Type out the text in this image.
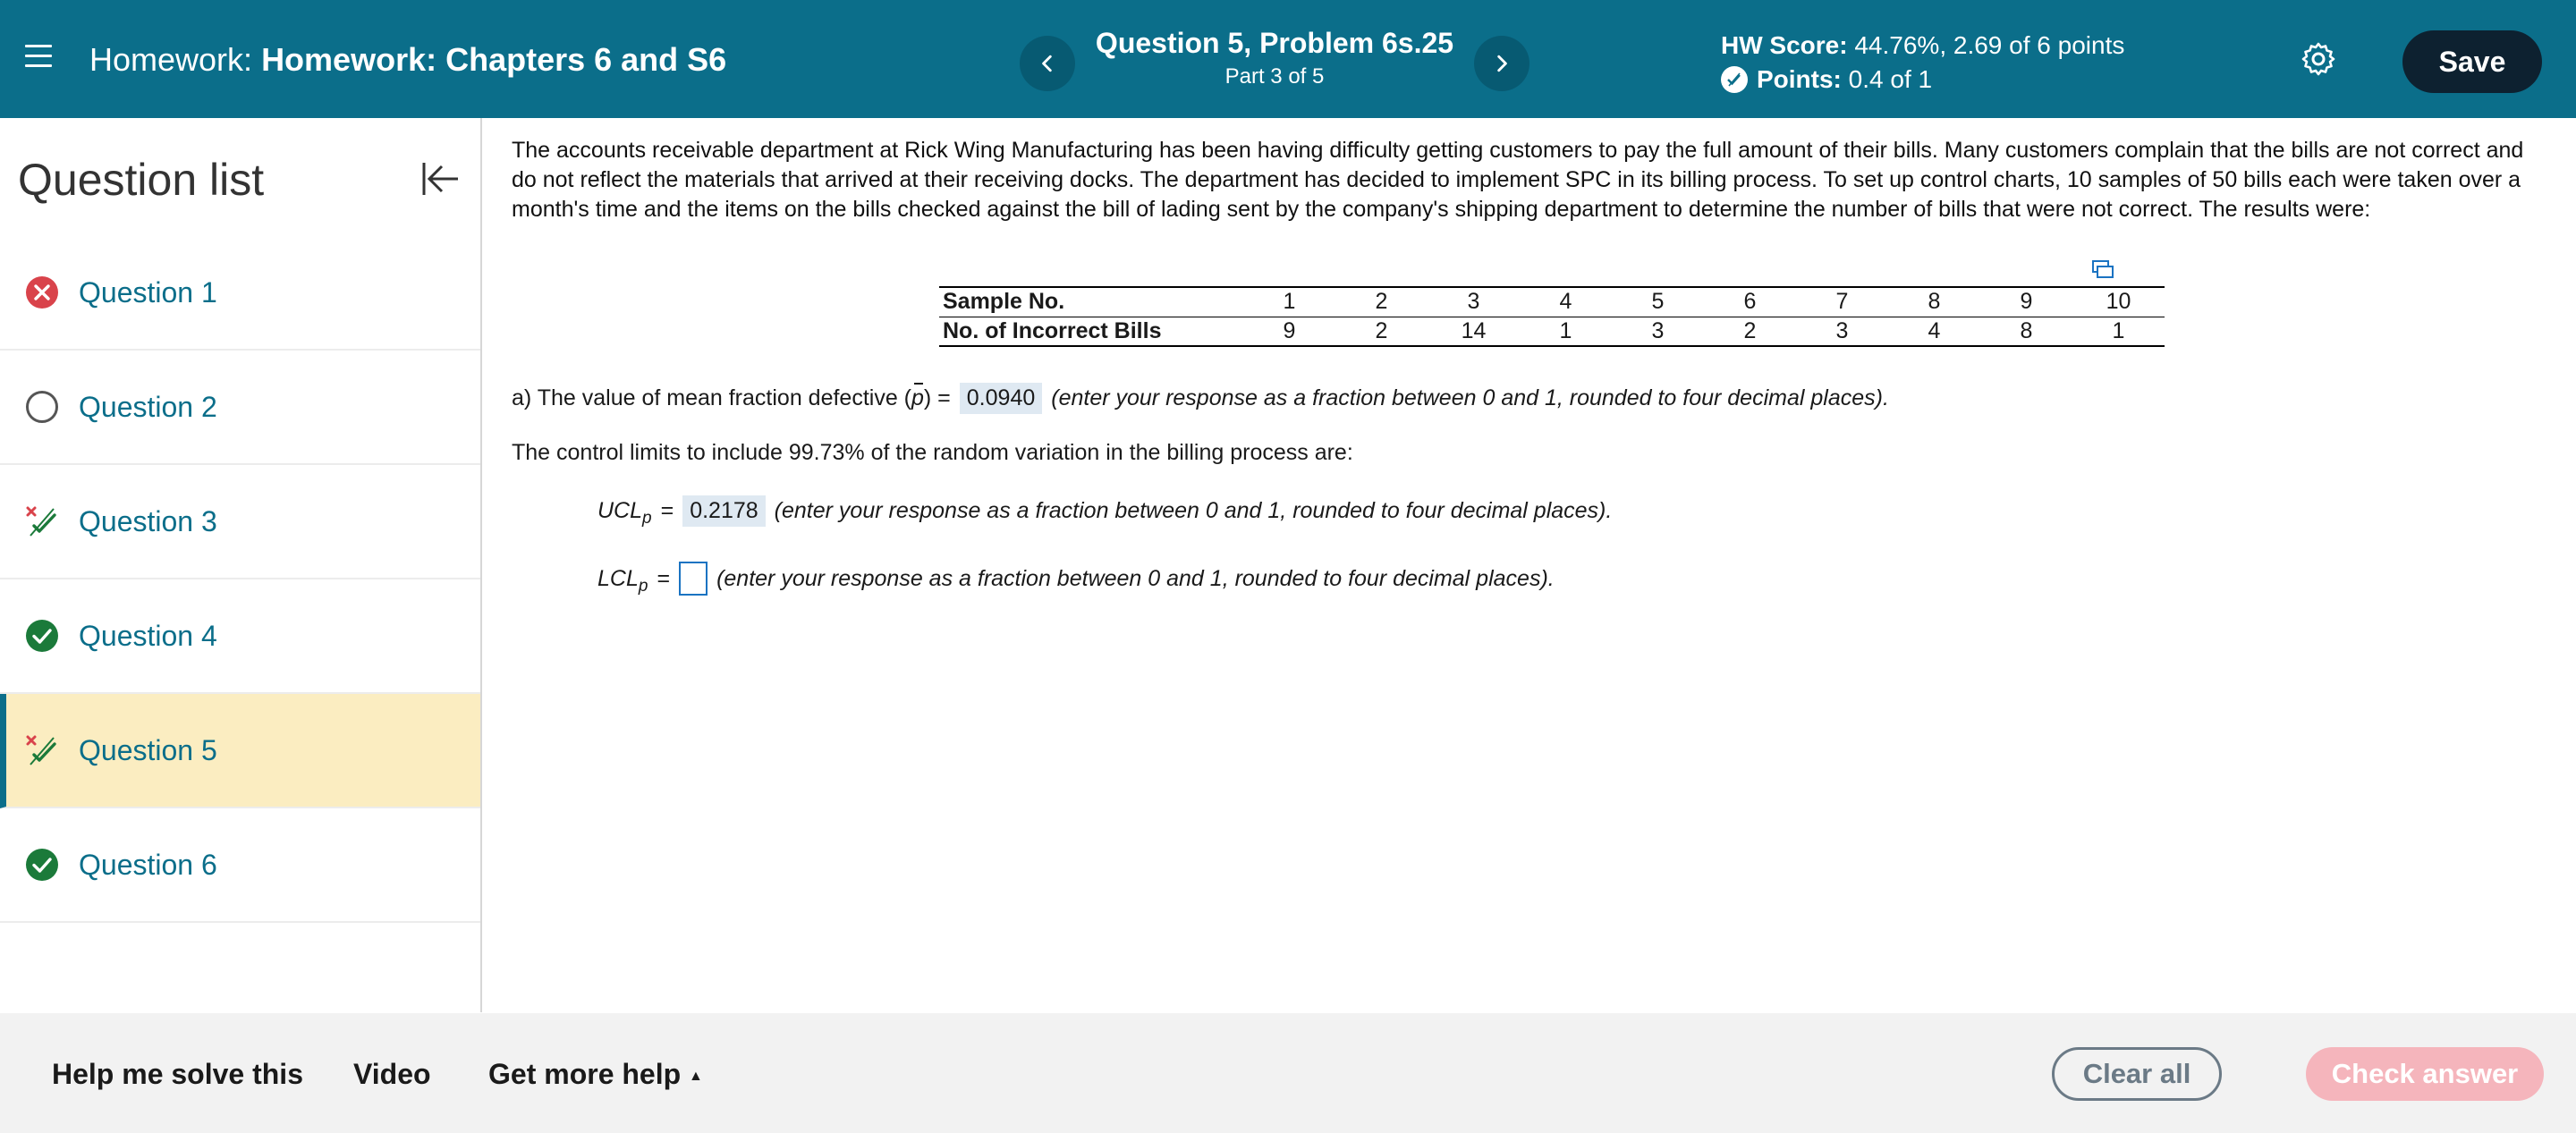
Homework: Homework: Chapters 6 and S6	Question 5, Problem 6s.25
Part 3 of 5
HW Score: 44.76%, 2.69 of 6 points
Points: 0.4 of 1
Save
Question list
Question 1
Question 2
Question 3
Question 4
Question 5
Question 6
The accounts receivable department at Rick Wing Manufacturing has been having difficulty getting customers to pay the full amount of their bills. Many customers complain that the bills are not correct and do not reflect the materials that arrived at their receiving docks. The department has decided to implement SPC in its billing process. To set up control charts, 10 samples of 50 bills each were taken over a month's time and the items on the bills checked against the bill of lading sent by the company's shipping department to determine the number of bills that were not correct. The results were:
Sample No.	1	2	3	4	5	6	7	8	9	10
No. of Incorrect Bills	9	2	14	1	3	2	3	4	8	1
a) The value of mean fraction defective ( p ) = 0.0940 (enter your response as a fraction between 0 and 1, rounded to four decimal places).
The control limits to include 99.73% of the random variation in the billing process are:
$UCL_p = 0.2178$ (enter your response as a fraction between 0 and 1, rounded to four decimal places).
$LCL_p$ = (enter your response as a fraction between 0 and 1, rounded to four decimal places).
Help me solve this Video Get more help ▲	Clear all	Check answer
